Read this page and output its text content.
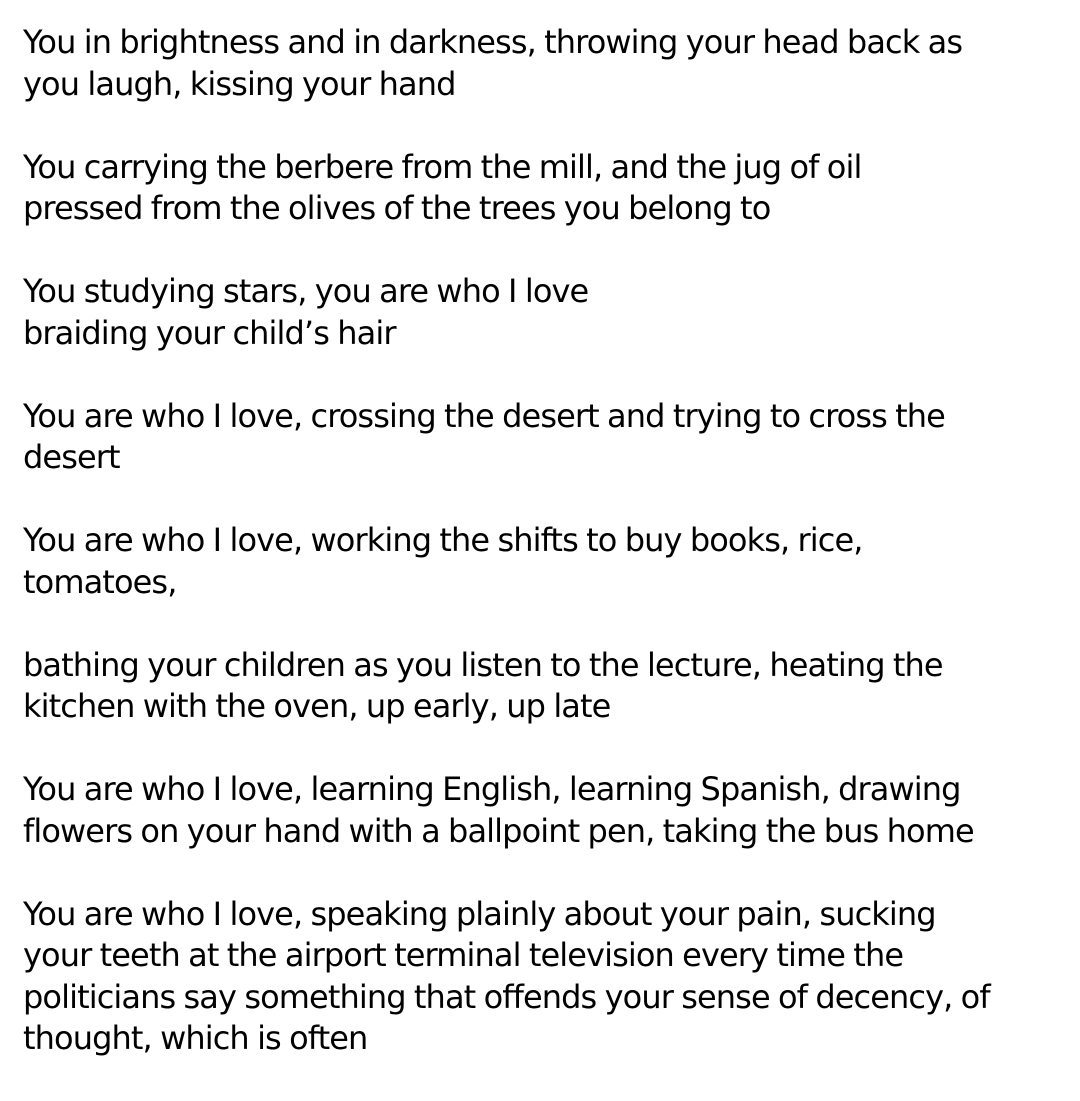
You in brightness and in darkness, throwing your head back as
you laugh, kissing your hand
You carrying the berbere from the mill, and the jug of oil
pressed from the olives of the trees you belong to
You studying stars, you are who I love
braiding your child’s hair
You are who I love, crossing the desert and trying to cross the
desert
You are who I love, working the shifts to buy books, rice,
tomatoes,
bathing your children as you listen to the lecture, heating the
kitchen with the oven, up early, up late
You are who I love, learning English, learning Spanish, drawing
flowers on your hand with a ballpoint pen, taking the bus home
You are who I love, speaking plainly about your pain, sucking
your teeth at the airport terminal television every time the
politicians say something that offends your sense of decency, of
thought, which is often
